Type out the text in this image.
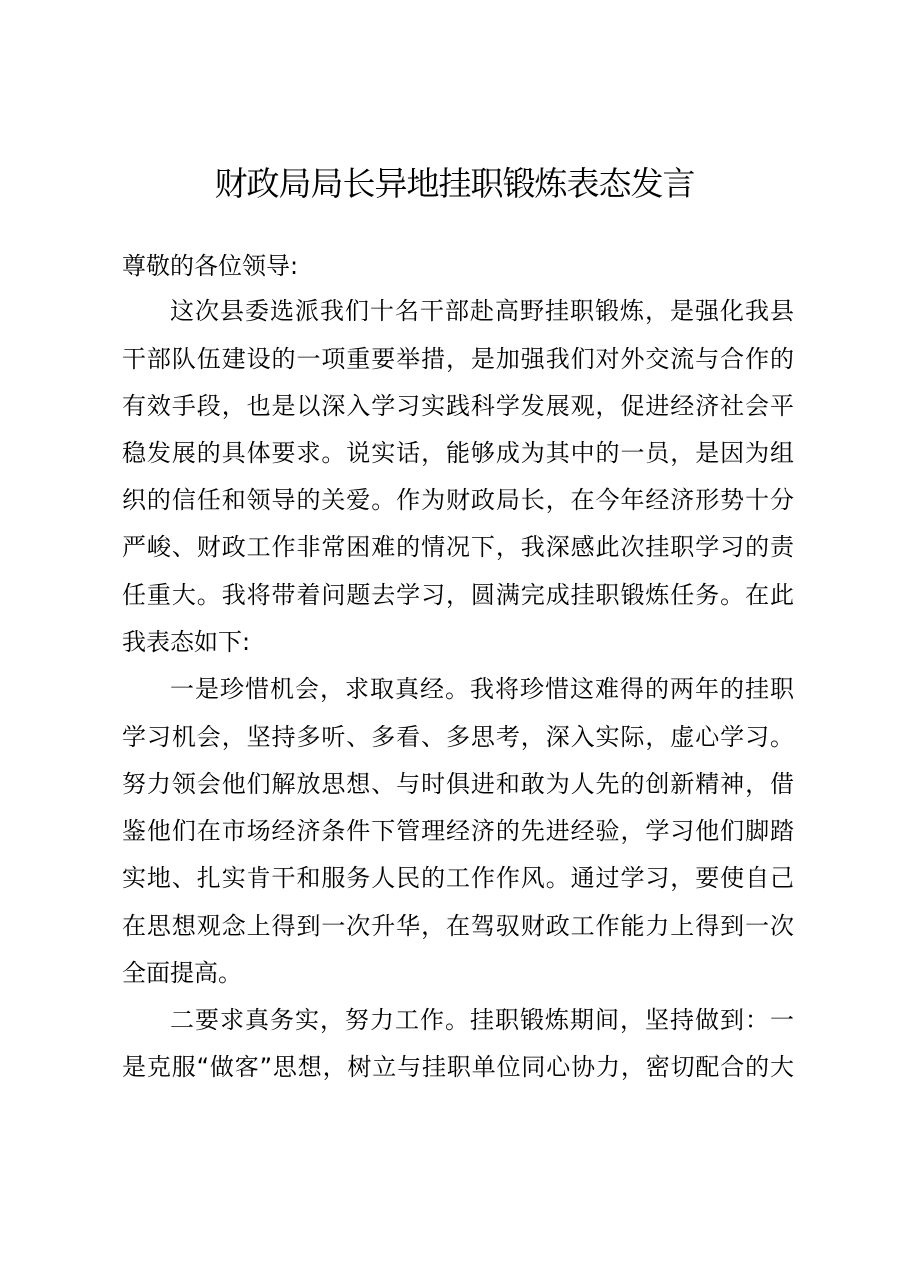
财政局局长异地挂职锻炼表态发言
尊敬的各位领导:
这次县委选派我们十名干部赴高野挂职锻炼，是强化我县
干部队伍建设的一项重要举措，是加强我们对外交流与合作的
有效手段，也是以深入学习实践科学发展观，促进经济社会平
稳发展的具体要求。说实话，能够成为其中的一员，是因为组
织的信任和领导的关爱。作为财政局长，在今年经济形势十分
严峻、财政工作非常困难的情况下，我深感此次挂职学习的责
任重大。我将带着问题去学习，圆满完成挂职锻炼任务。在此
我表态如下:
一是珍惜机会，求取真经。我将珍惜这难得的两年的挂职
学习机会，坚持多听、多看、多思考，深入实际，虚心学习。
努力领会他们解放思想、与时俱进和敢为人先的创新精神，借
鉴他们在市场经济条件下管理经济的先进经验，学习他们脚踏
实地、扎实肯干和服务人民的工作作风。通过学习，要使自己
在思想观念上得到一次升华，在驾驭财政工作能力上得到一次
全面提高。
二要求真务实，努力工作。挂职锻炼期间，坚持做到：一
是克服“做客”思想，树立与挂职单位同心协力，密切配合的大
